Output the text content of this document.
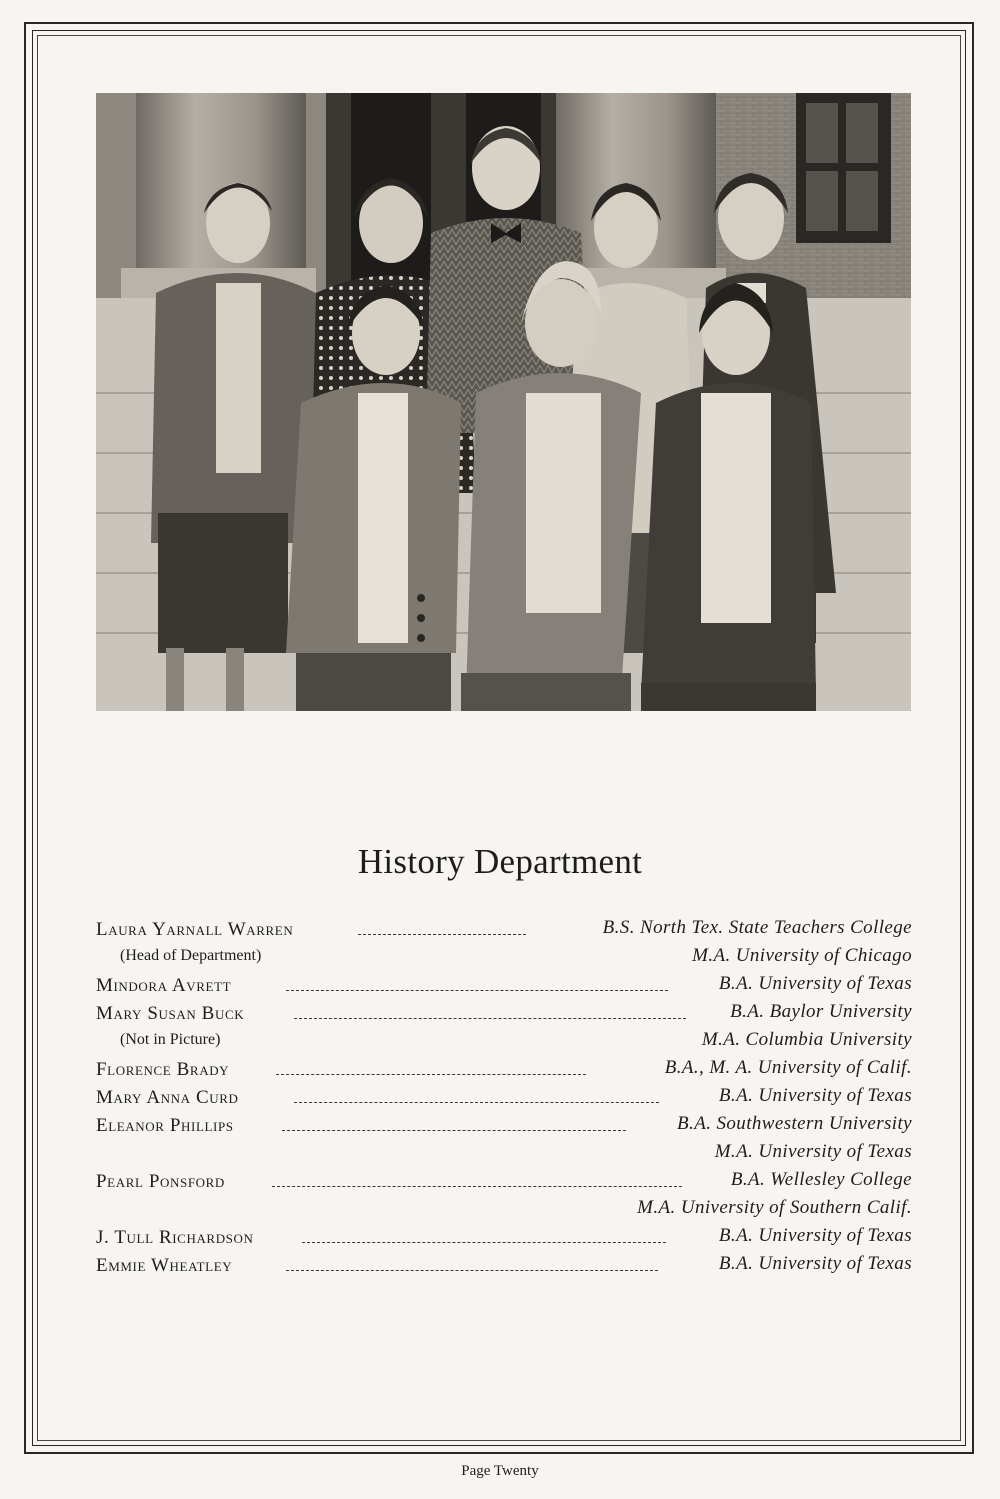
History Department
Laura Yarnall Warren	B.S. North Tex. State Teachers College
(Head of Department)	M.A. University of Chicago
Mindora Avrett	B.A. University of Texas
Mary Susan Buck	B.A. Baylor University
(Not in Picture)	M.A. Columbia University
Florence Brady	B.A., M. A. University of Calif.
Mary Anna Curd	B.A. University of Texas
Eleanor Phillips	B.A. Southwestern University
M.A. University of Texas
Pearl Ponsford	B.A. Wellesley College
M.A. University of Southern Calif.
J. Tull Richardson	B.A. University of Texas
Emmie Wheatley	B.A. University of Texas
Page Twenty
